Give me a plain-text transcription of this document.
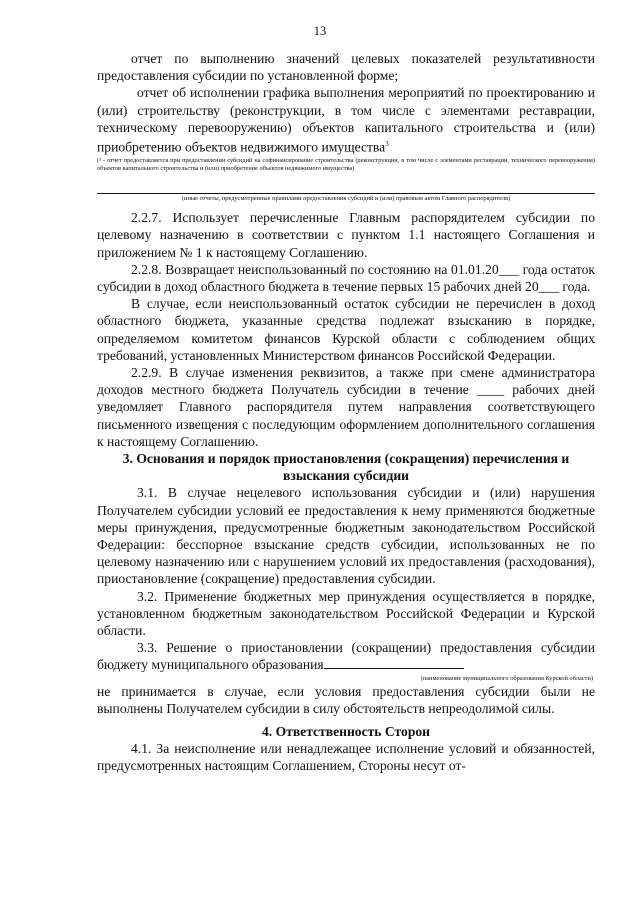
13

отчет по выполнению значений целевых показателей результативности предоставления субсидии по установленной форме;

отчет об исполнении графика выполнения мероприятий по проектированию и (или) строительству (реконструкции, в том числе с элементами реставрации, техническому перевооружению) объектов капитального строительства и (или) приобретению объектов недвижимого имущества$^3$

(³ - отчет предоставляется при предоставлении субсидий на софинансирование строительства (реконструкции, в том числе с элементами реставрации, технического перевооружения) объектов капитального строительства и (или) приобретение объектов недвижимого имущества)

(иные отчеты, предусмотренные правилами предоставления субсидий и (или) правовым актом Главного распорядителя)

2.2.7. Использует перечисленные Главным распорядителем субсидии по целевому назначению в соответствии с пунктом 1.1 настоящего Соглашения и приложением № 1 к настоящему Соглашению.

2.2.8. Возвращает неиспользованный по состоянию на 01.01.20___ года остаток субсидии в доход областного бюджета в течение первых 15 рабочих дней 20___ года.

В случае, если неиспользованный остаток субсидии не перечислен в доход областного бюджета, указанные средства подлежат взысканию в порядке, определяемом комитетом финансов Курской области с соблюдением общих требований, установленных Министерством финансов Российской Федерации.

2.2.9. В случае изменения реквизитов, а также при смене администратора доходов местного бюджета Получатель субсидии в течение ____ рабочих дней уведомляет Главного распорядителя путем направления соответствующего письменного извещения с последующим оформлением дополнительного соглашения к настоящему Соглашению.

3. Основания и порядок приостановления (сокращения) перечисления и взыскания субсидии

3.1. В случае нецелевого использования субсидии и (или) нарушения Получателем субсидии условий ее предоставления к нему применяются бюджетные меры принуждения, предусмотренные бюджетным законодательством Российской Федерации: бесспорное взыскание средств субсидии, использованных не по целевому назначению или с нарушением условий их предоставления (расходования), приостановление (сокращение) предоставления субсидии.

3.2. Применение бюджетных мер принуждения осуществляется в порядке, установленном бюджетным законодательством Российской Федерации и Курской области.

3.3. Решение о приостановлении (сокращении) предоставления субсидии бюджету муниципального образования

(наименование муниципального образования Курской области)

не принимается в случае, если условия предоставления субсидии были не выполнены Получателем субсидии в силу обстоятельств непреодолимой силы.

4. Ответственность Сторон

4.1. За неисполнение или ненадлежащее исполнение условий и обязанностей, предусмотренных настоящим Соглашением, Стороны несут от-
